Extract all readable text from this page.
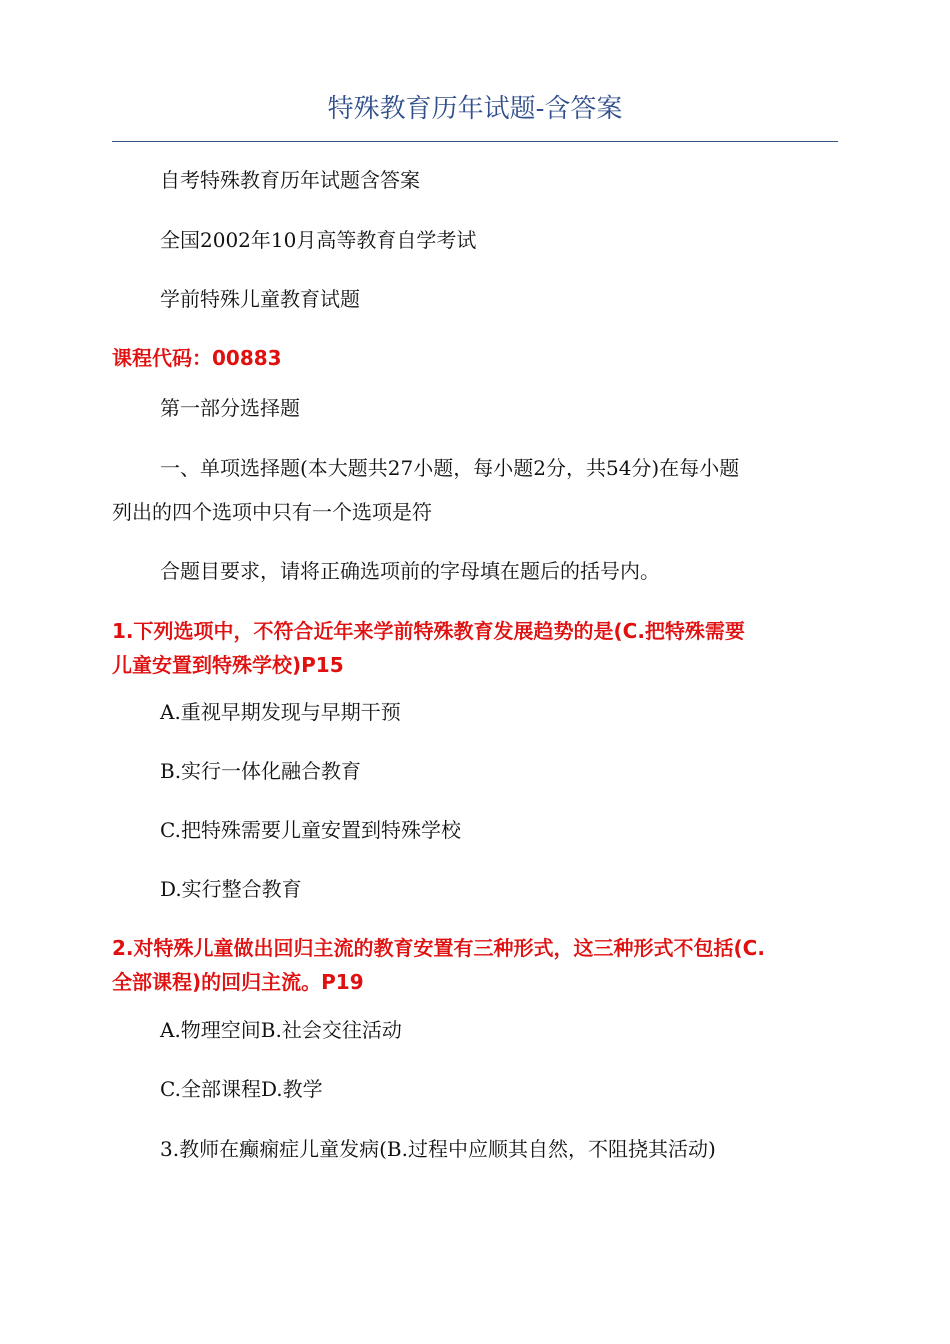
特殊教育历年试题-含答案
自考特殊教育历年试题含答案
全国2002年10月高等教育自学考试
学前特殊儿童教育试题
课程代码：00883
第一部分选择题
一、单项选择题(本大题共27小题，每小题2分，共54分)在每小题
列出的四个选项中只有一个选项是符
合题目要求，请将正确选项前的字母填在题后的括号内。
1.下列选项中，不符合近年来学前特殊教育发展趋势的是(C.把特殊需要
儿童安置到特殊学校)P15
A.重视早期发现与早期干预
B.实行一体化融合教育
C.把特殊需要儿童安置到特殊学校
D.实行整合教育
2.对特殊儿童做出回归主流的教育安置有三种形式，这三种形式不包括(C.
全部课程)的回归主流。P19
A.物理空间B.社会交往活动
C.全部课程D.教学
3.教师在癫痫症儿童发病(B.过程中应顺其自然，不阻挠其活动)
